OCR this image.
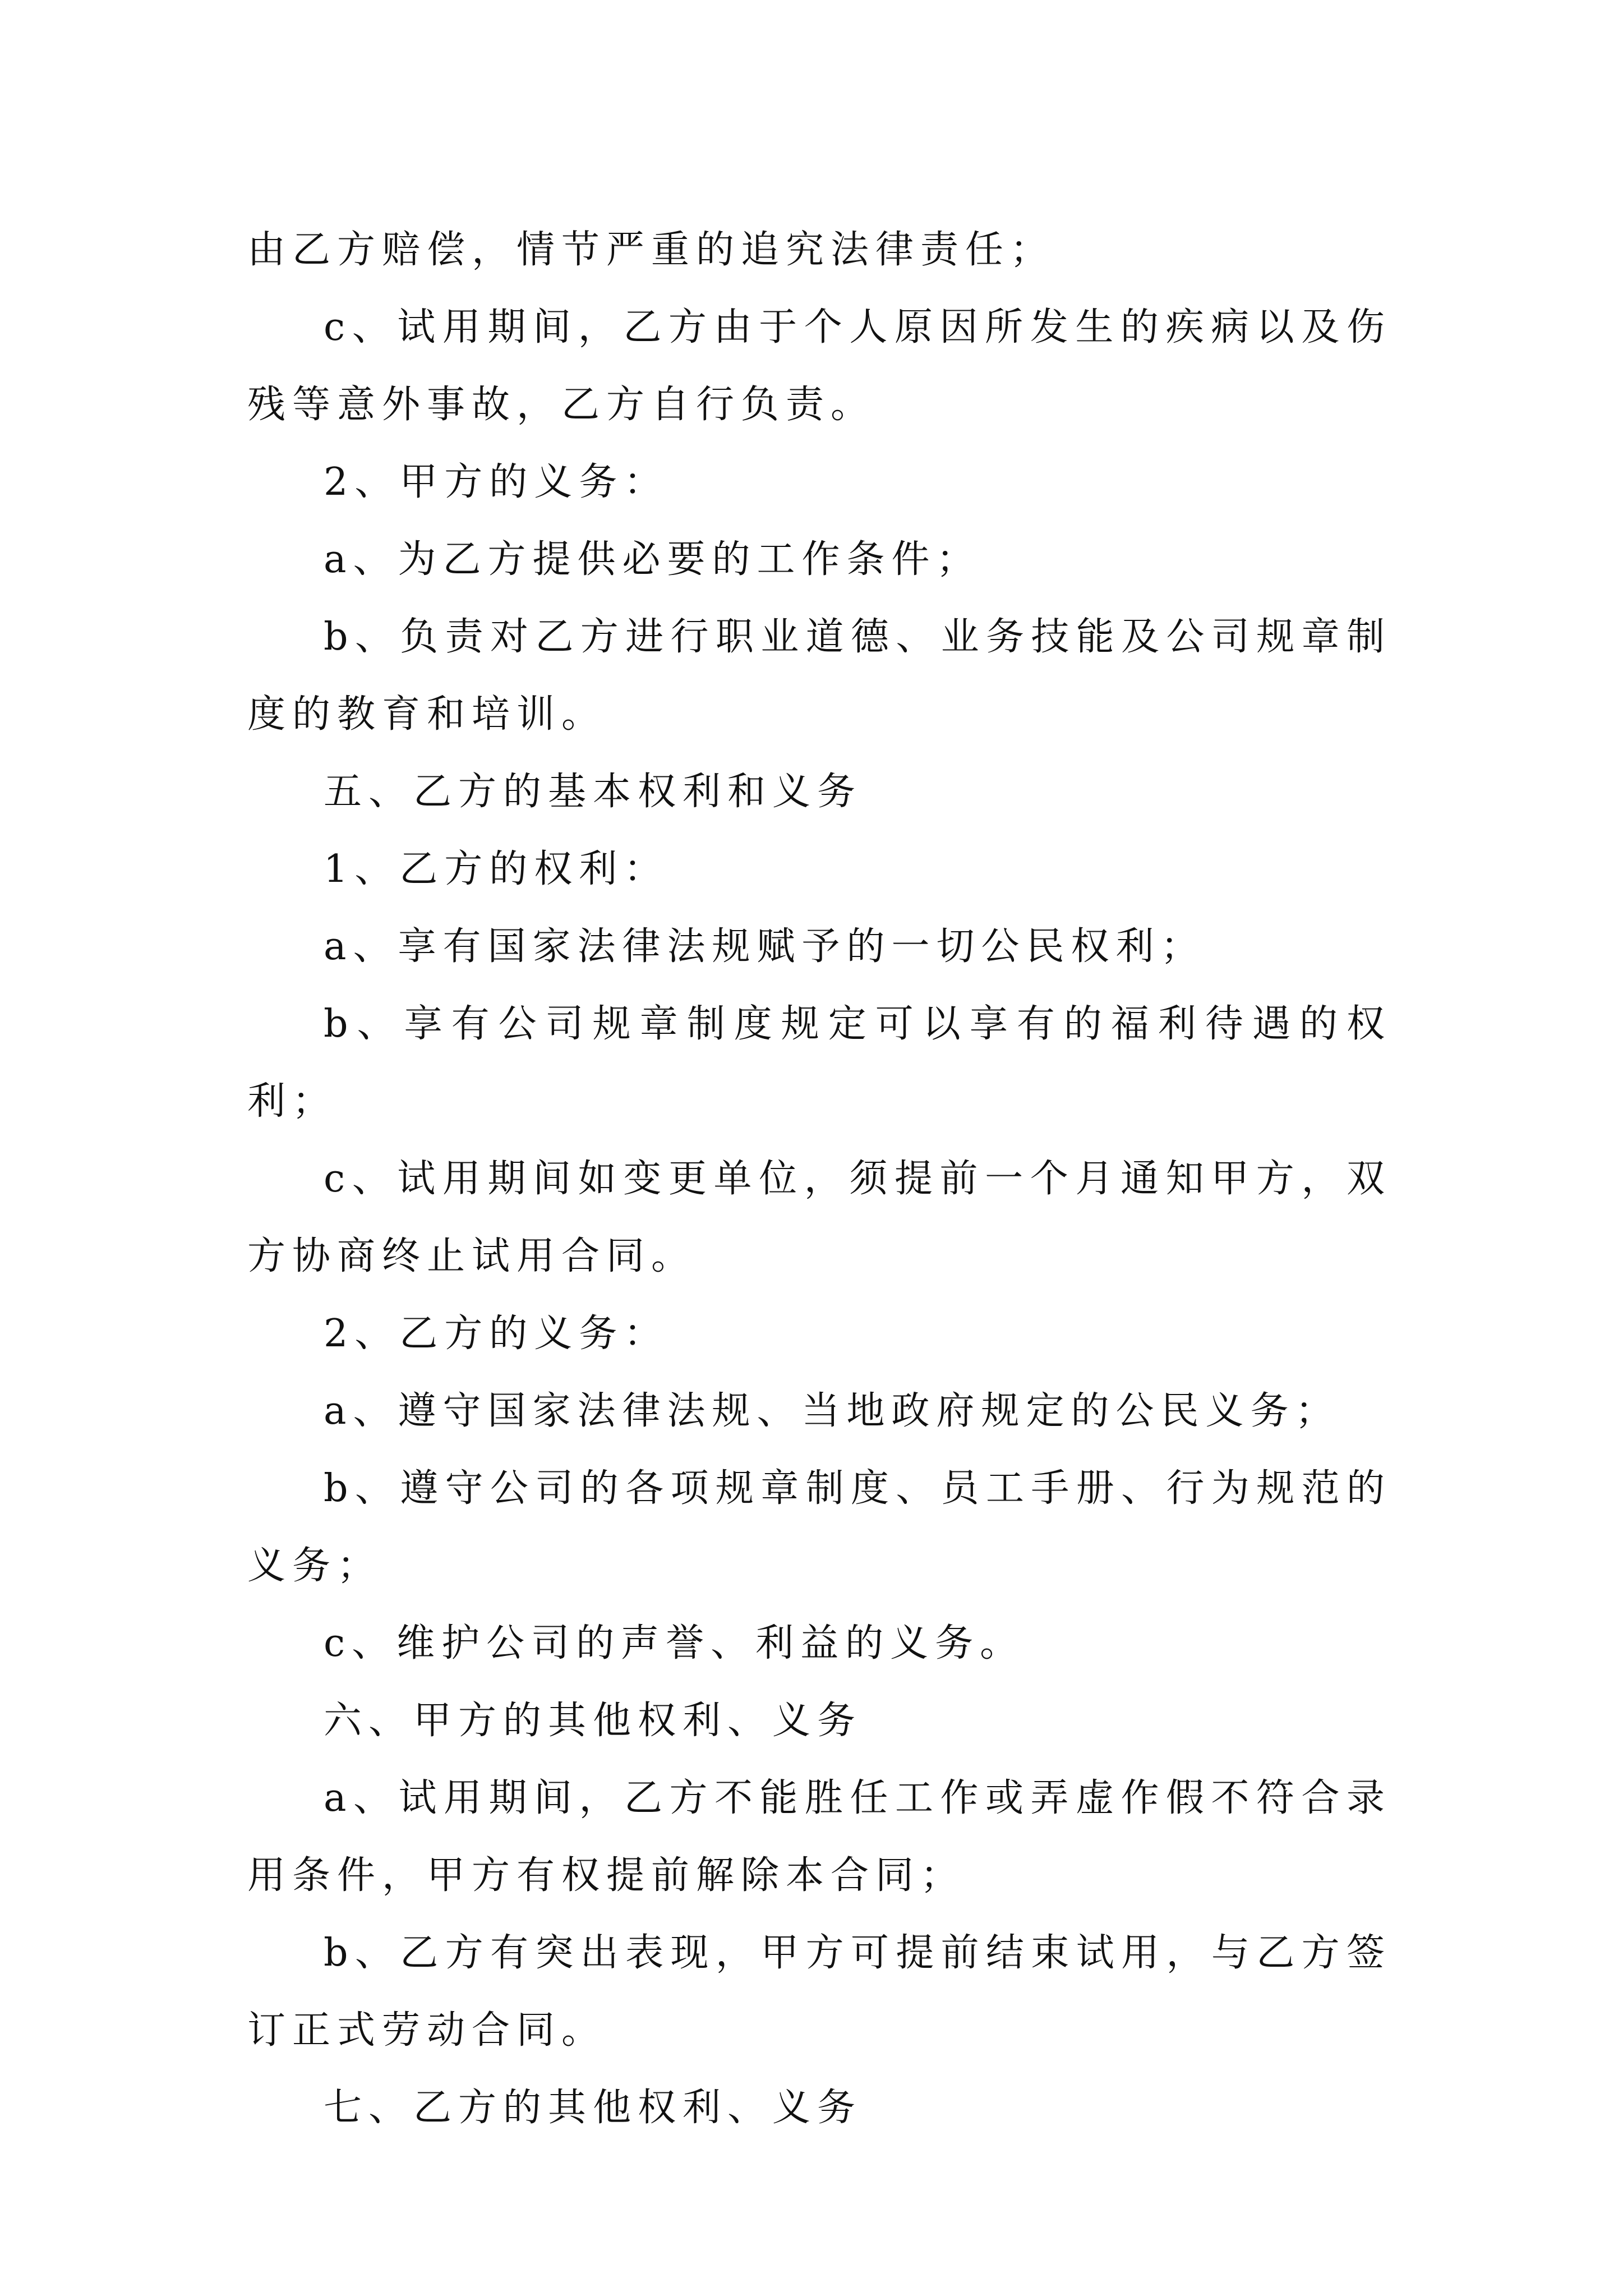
由乙方赔偿，情节严重的追究法律责任；

c、试用期间，乙方由于个人原因所发生的疾病以及伤残等意外事故，乙方自行负责。

2、甲方的义务：

a、为乙方提供必要的工作条件；

b、负责对乙方进行职业道德、业务技能及公司规章制度的教育和培训。

五、乙方的基本权利和义务

1、乙方的权利：

a、享有国家法律法规赋予的一切公民权利；

b、享有公司规章制度规定可以享有的福利待遇的权利；

c、试用期间如变更单位，须提前一个月通知甲方，双方协商终止试用合同。

2、乙方的义务：

a、遵守国家法律法规、当地政府规定的公民义务；

b、遵守公司的各项规章制度、员工手册、行为规范的义务；

c、维护公司的声誉、利益的义务。

六、甲方的其他权利、义务

a、试用期间，乙方不能胜任工作或弄虚作假不符合录用条件，甲方有权提前解除本合同；

b、乙方有突出表现，甲方可提前结束试用，与乙方签订正式劳动合同。

七、乙方的其他权利、义务
